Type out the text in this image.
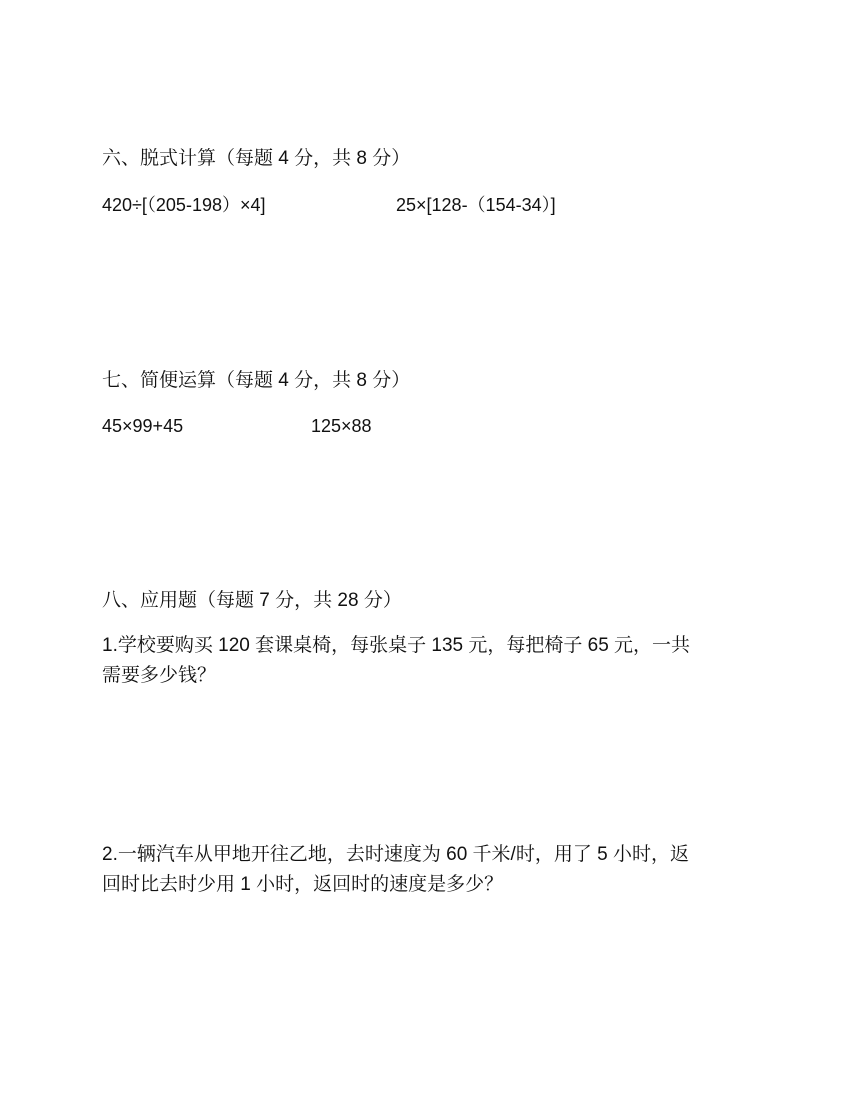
六、脱式计算（每题 4 分，共 8 分）
420÷[（205-198）×4]	25×[128-（154-34）]
七、简便运算（每题 4 分，共 8 分）
45×99+45	125×88
八、应用题（每题 7 分，共 28 分）
1.学校要购买 120 套课桌椅，每张桌子 135 元，每把椅子 65 元，一共
需要多少钱？
2.一辆汽车从甲地开往乙地，去时速度为 60 千米/时，用了 5 小时，返
回时比去时少用 1 小时，返回时的速度是多少？
